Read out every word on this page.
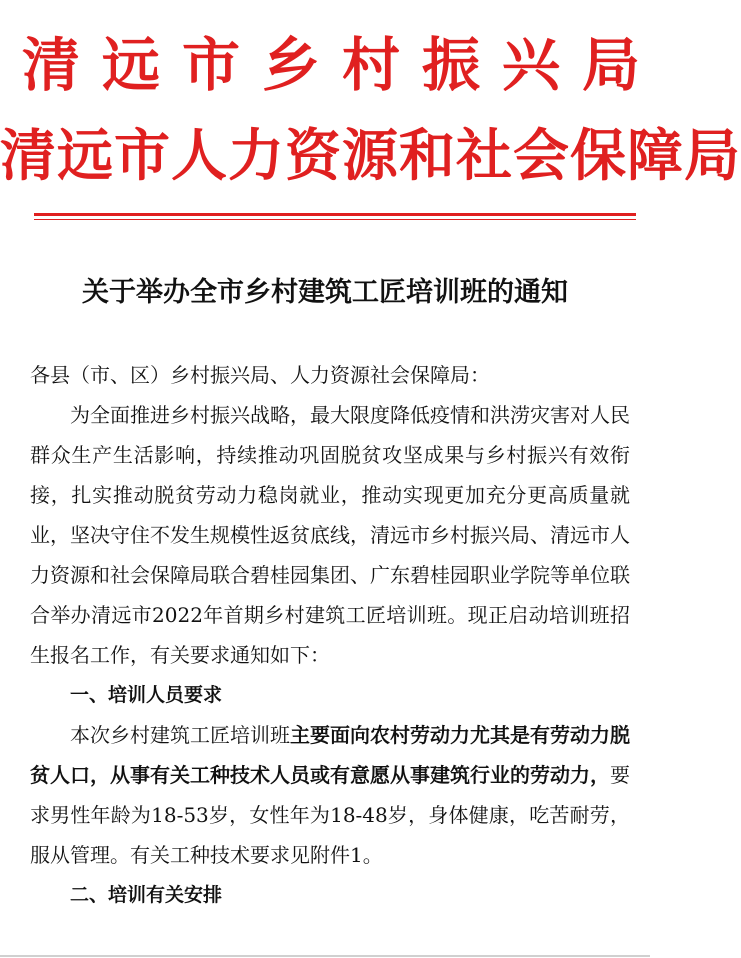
清远市乡村振兴局
清远市人力资源和社会保障局
关于举办全市乡村建筑工匠培训班的通知

各县（市、区）乡村振兴局、人力资源社会保障局：

为全面推进乡村振兴战略，最大限度降低疫情和洪涝灾害对人民群众生产生活影响，持续推动巩固脱贫攻坚成果与乡村振兴有效衔接，扎实推动脱贫劳动力稳岗就业，推动实现更加充分更高质量就业，坚决守住不发生规模性返贫底线，清远市乡村振兴局、清远市人力资源和社会保障局联合碧桂园集团、广东碧桂园职业学院等单位联合举办清远市2022年首期乡村建筑工匠培训班。现正启动培训班招生报名工作，有关要求通知如下：

一、培训人员要求

本次乡村建筑工匠培训班主要面向农村劳动力尤其是有劳动力脱贫人口，从事有关工种技术人员或有意愿从事建筑行业的劳动力，要求男性年龄为18-53岁，女性年为18-48岁，身体健康，吃苦耐劳，服从管理。有关工种技术要求见附件1。

二、培训有关安排
